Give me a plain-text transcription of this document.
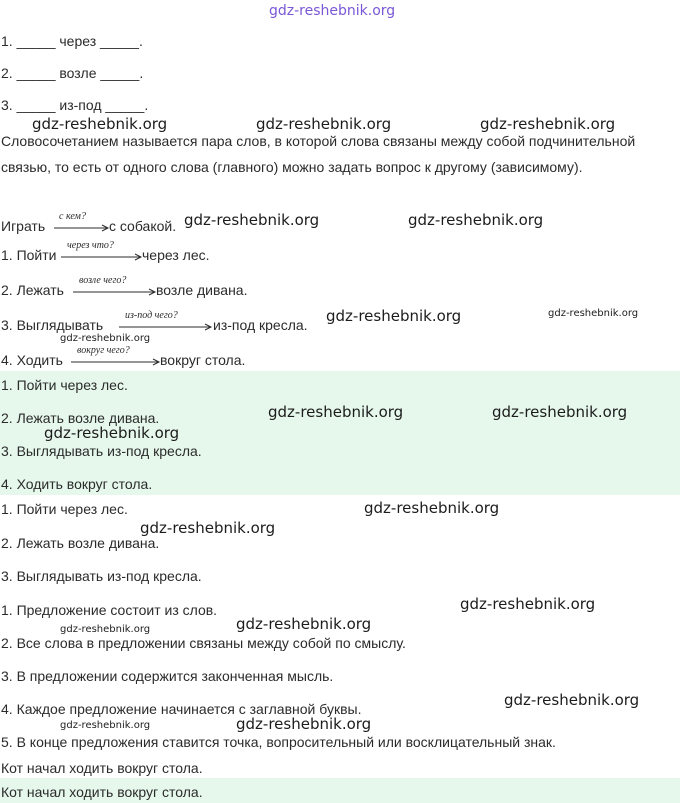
gdz-reshebnik.org
1. _____ через _____.
2. _____ возле _____.
3. _____ из-под _____.
Словосочетанием называется пара слов, в которой слова связаны между собой подчинительной связью, то есть от одного слова (главного) можно задать вопрос к другому (зависимому).
Играть
с кем?
с собакой.
1. Пойти
через что?
через лес.
2. Лежать
возле чего?
возле дивана.
3. Выглядывать
из-под чего?
из-под кресла.
4. Ходить
вокруг чего?
вокруг стола.
1. Пойти через лес.
2. Лежать возле дивана.
3. Выглядывать из-под кресла.
4. Ходить вокруг стола.
1. Пойти через лес.
2. Лежать возле дивана.
3. Выглядывать из-под кресла.
1. Предложение состоит из слов.
2. Все слова в предложении связаны между собой по смыслу.
3. В предложении содержится законченная мысль.
4. Каждое предложение начинается с заглавной буквы.
5. В конце предложения ставится точка, вопросительный или восклицательный знак.
Кот начал ходить вокруг стола.
Кот начал ходить вокруг стола.
gdz-reshebnik.org	gdz-reshebnik.org	gdz-reshebnik.org
gdz-reshebnik.org	gdz-reshebnik.org
gdz-reshebnik.org	gdz-reshebnik.org
gdz-reshebnik.org
gdz-reshebnik.org	gdz-reshebnik.org
gdz-reshebnik.org
gdz-reshebnik.org
gdz-reshebnik.org
gdz-reshebnik.org
gdz-reshebnik.org
gdz-reshebnik.org
gdz-reshebnik.org
gdz-reshebnik.org
gdz-reshebnik.org
